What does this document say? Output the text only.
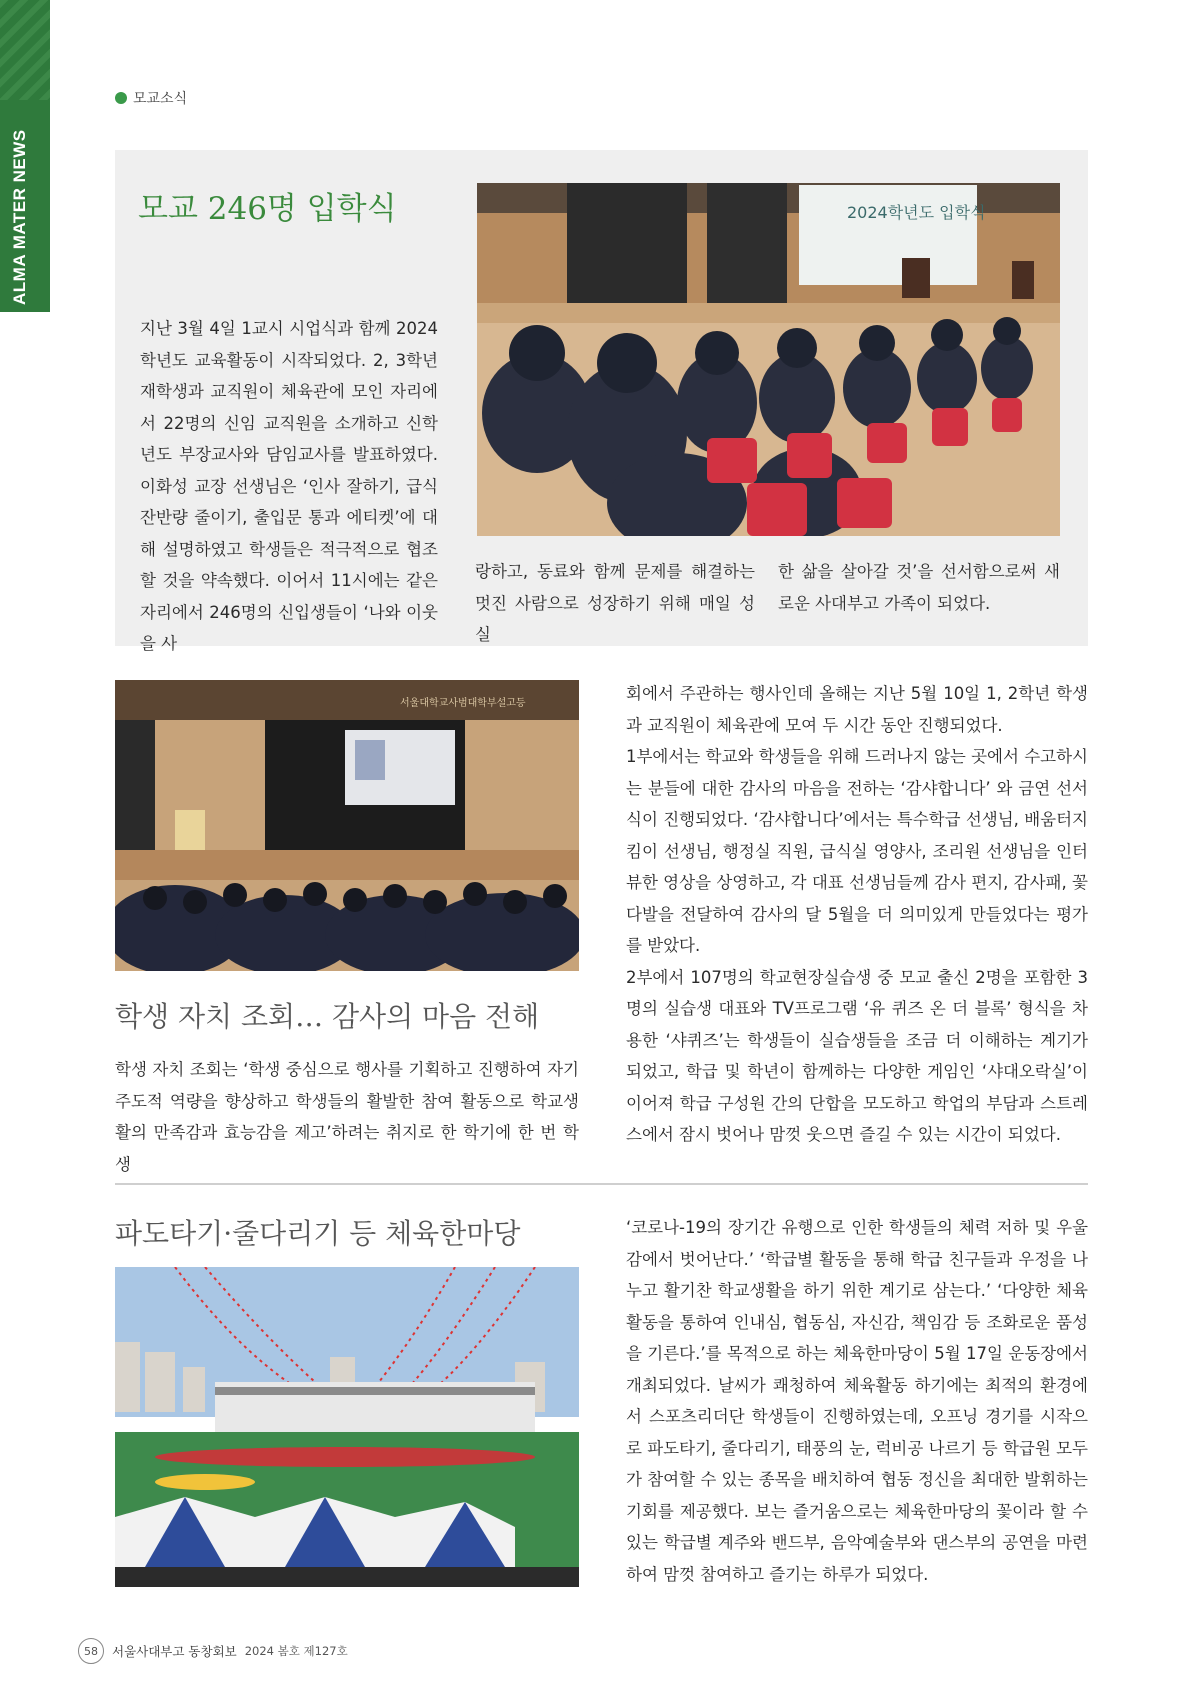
ALMA MATER NEWS
모교소식
모교 246명 입학식
지난 3월 4일 1교시 시업식과 함께 2024학년도 교육활동이 시작되었다. 2, 3학년 재학생과 교직원이 체육관에 모인 자리에서 22명의 신임 교직원을 소개하고 신학년도 부장교사와 담임교사를 발표하였다. 이화성 교장 선생님은 ‘인사 잘하기, 급식 잔반량 줄이기, 출입문 통과 에티켓’에 대해 설명하였고 학생들은 적극적으로 협조할 것을 약속했다. 이어서 11시에는 같은 자리에서 246명의 신입생들이 ‘나와 이웃을 사
랑하고, 동료와 함께 문제를 해결하는 멋진 사람으로 성장하기 위해 매일 성실
한 삶을 살아갈 것’을 선서함으로써 새로운 사대부고 가족이 되었다.
2024학년도 입학식
서울대학교사범대학부설고등
학생 자치 조회… 감사의 마음 전해
학생 자치 조회는 ‘학생 중심으로 행사를 기획하고 진행하여 자기 주도적 역량을 향상하고 학생들의 활발한 참여 활동으로 학교생활의 만족감과 효능감을 제고’하려는 취지로 한 학기에 한 번 학생
회에서 주관하는 행사인데 올해는 지난 5월 10일 1, 2학년 학생과 교직원이 체육관에 모여 두 시간 동안 진행되었다.
1부에서는 학교와 학생들을 위해 드러나지 않는 곳에서 수고하시는 분들에 대한 감사의 마음을 전하는 ‘감샤합니다’ 와 금연 선서식이 진행되었다. ‘감샤합니다’에서는 특수학급 선생님, 배움터지킴이 선생님, 행정실 직원, 급식실 영양사, 조리원 선생님을 인터뷰한 영상을 상영하고, 각 대표 선생님들께 감사 편지, 감사패, 꽃다발을 전달하여 감사의 달 5월을 더 의미있게 만들었다는 평가를 받았다.
2부에서 107명의 학교현장실습생 중 모교 출신 2명을 포함한 3명의 실습생 대표와 TV프로그램 ‘유 퀴즈 온 더 블록’ 형식을 차용한 ‘샤퀴즈’는 학생들이 실습생들을 조금 더 이해하는 계기가 되었고, 학급 및 학년이 함께하는 다양한 게임인 ‘샤대오락실’이 이어져 학급 구성원 간의 단합을 모도하고 학업의 부담과 스트레스에서 잠시 벗어나 맘껏 웃으면 즐길 수 있는 시간이 되었다.
파도타기·줄다리기 등 체육한마당	‘코로나-19의 장기간 유행으로 인한 학생들의 체력 저하 및 우울감에서 벗어난다.’ ‘학급별 활동을 통해 학급 친구들과 우정을 나누고 활기찬 학교생활을 하기 위한 계기로 삼는다.’ ‘다양한 체육활동을 통하여 인내심, 협동심, 자신감, 책임감 등 조화로운 품성을 기른다.’를 목적으로 하는 체육한마당이 5월 17일 운동장에서 개최되었다. 날씨가 쾌청하여 체육활동 하기에는 최적의 환경에서 스포츠리더단 학생들이 진행하였는데, 오프닝 경기를 시작으로 파도타기, 줄다리기, 태풍의 눈, 럭비공 나르기 등 학급원 모두가 참여할 수 있는 종목을 배치하여 협동 정신을 최대한 발휘하는 기회를 제공했다. 보는 즐거움으로는 체육한마당의 꽃이라 할 수 있는 학급별 계주와 밴드부, 음악예술부와 댄스부의 공연을 마련하여 맘껏 참여하고 즐기는 하루가 되었다.
58	서울사대부고 동창회보 2024 봄호 제127호
